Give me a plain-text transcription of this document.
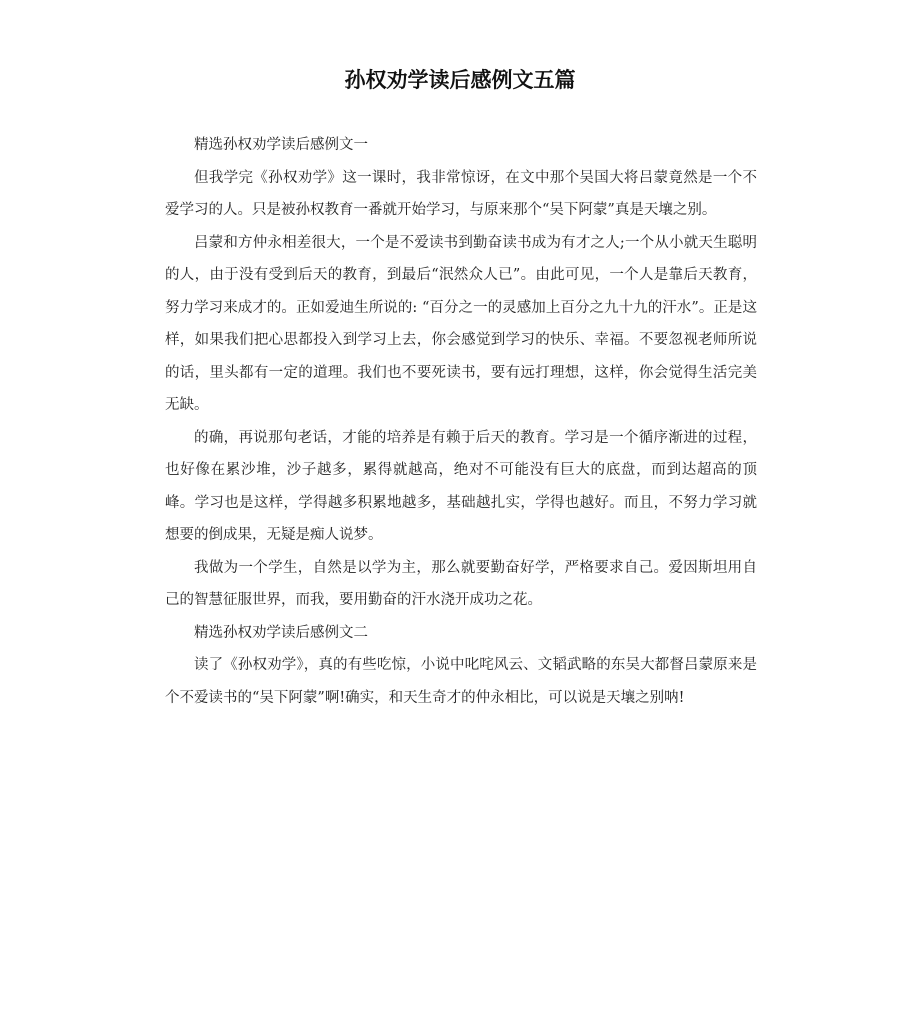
孙权劝学读后感例文五篇

精选孙权劝学读后感例文一

但我学完《孙权劝学》这一课时，我非常惊讶，在文中那个吴国大将吕蒙竟然是一个不爱学习的人。只是被孙权教育一番就开始学习，与原来那个“吴下阿蒙”真是天壤之别。

吕蒙和方仲永相差很大，一个是不爱读书到勤奋读书成为有才之人;一个从小就天生聪明的人，由于没有受到后天的教育，到最后“泯然众人已”。由此可见，一个人是靠后天教育，努力学习来成才的。正如爱迪生所说的: “百分之一的灵感加上百分之九十九的汗水”。正是这样，如果我们把心思都投入到学习上去，你会感觉到学习的快乐、幸福。不要忽视老师所说的话，里头都有一定的道理。我们也不要死读书，要有远打理想，这样，你会觉得生活完美无缺。

的确，再说那句老话，才能的培养是有赖于后天的教育。学习是一个循序渐进的过程，也好像在累沙堆，沙子越多，累得就越高，绝对不可能没有巨大的底盘，而到达超高的顶峰。学习也是这样，学得越多积累地越多，基础越扎实，学得也越好。而且，不努力学习就想要的倒成果，无疑是痴人说梦。

我做为一个学生，自然是以学为主，那么就要勤奋好学，严格要求自己。爱因斯坦用自己的智慧征服世界，而我，要用勤奋的汗水浇开成功之花。

精选孙权劝学读后感例文二

读了《孙权劝学》，真的有些吃惊，小说中叱咤风云、文韬武略的东吴大都督吕蒙原来是个不爱读书的“吴下阿蒙”啊!确实，和天生奇才的仲永相比，可以说是天壤之别呐!
